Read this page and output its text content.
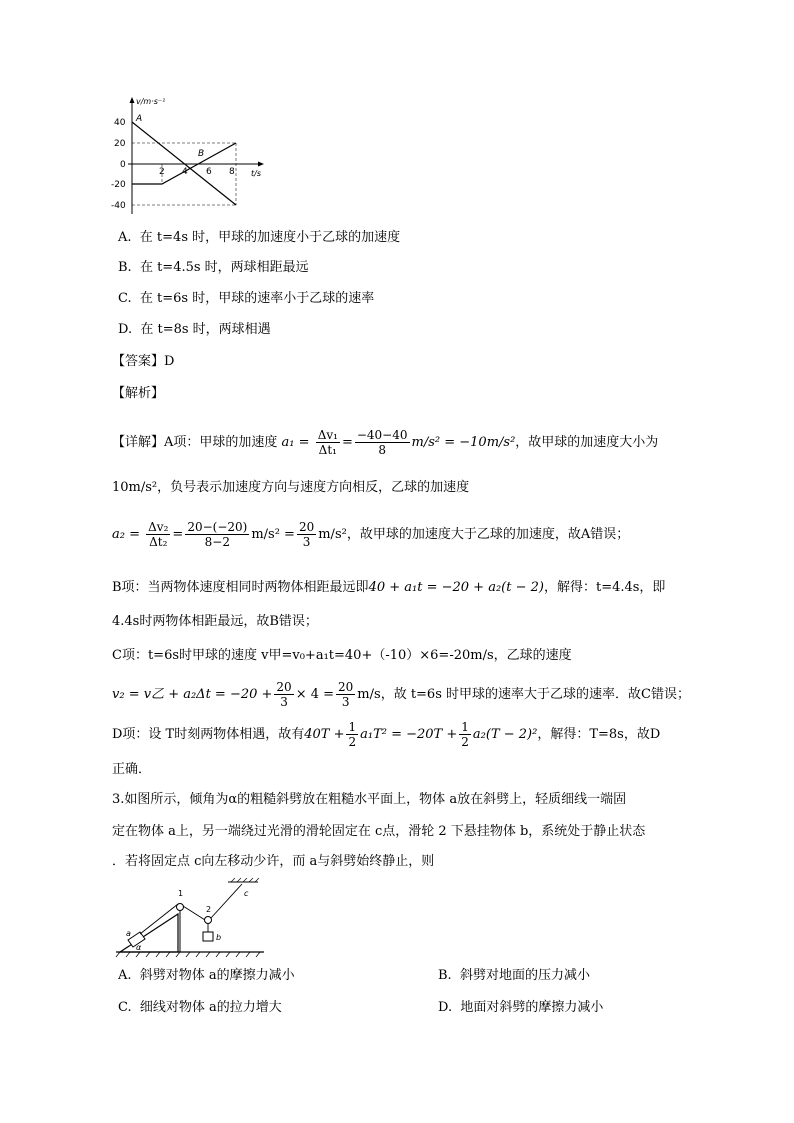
v/m·s⁻¹
t/s
40
20
0
-20
-40
2 4 6 8
A
B
A. 在 t=4s 时，甲球的加速度小于乙球的加速度
B. 在 t=4.5s 时，两球相距最远
C. 在 t=6s 时，甲球的速率小于乙球的速率
D. 在 t=8s 时，两球相遇
【答案】D
【解析】
【详解】A项：甲球的加速度 $a_1 = \frac{\text{Δv₁}}{\text{Δt₁}} = \frac{-40-40}{8} m/s^2 = -10m/s^2$，故甲球的加速度大小为
10m/s²，负号表示加速度方向与速度方向相反，乙球的加速度
$a_2 = \frac{\text{Δv₂}}{\text{Δt₂}} = \frac{20-(-20)}{8-2} m/s^2 = \frac{20}{3} m/s^2$，故甲球的加速度大于乙球的加速度，故A错误；
B项：当两物体速度相同时两物体相距最远即40 + a₁t = −20 + a₂(t − 2)，解得：t=4.4s，即
4.4s时两物体相距最远，故B错误；
C项：t=6s时甲球的速度 v甲=v₀+a₁t=40+（-10）×6=-20m/s，乙球的速度
v₂ = v乙 + $a_2\Delta t = -20 + \frac{20}{3} \times 4 = \frac{20}{3} m/s$，故 t=6s 时甲球的速率大于乙球的速率．故C错误；
D项：设 T时刻两物体相遇，故有$40T + \frac{1}{2} a_1T^2 = -20T + \frac{1}{2} a_2(T - 2)^2$，解得：T=8s，故D
正确．
3.如图所示，倾角为α的粗糙斜劈放在粗糙水平面上，物体 a放在斜劈上，轻质细线一端固
定在物体 a上，另一端绕过光滑的滑轮固定在 c点，滑轮 2 下悬挂物体 b，系统处于静止状态
．若将固定点 c向左移动少许，而 a与斜劈始终静止，则
1
2
a	b
c
α
A. 斜劈对物体 a的摩擦力减小	B. 斜劈对地面的压力减小
C. 细线对物体 a的拉力增大	D. 地面对斜劈的摩擦力减小
